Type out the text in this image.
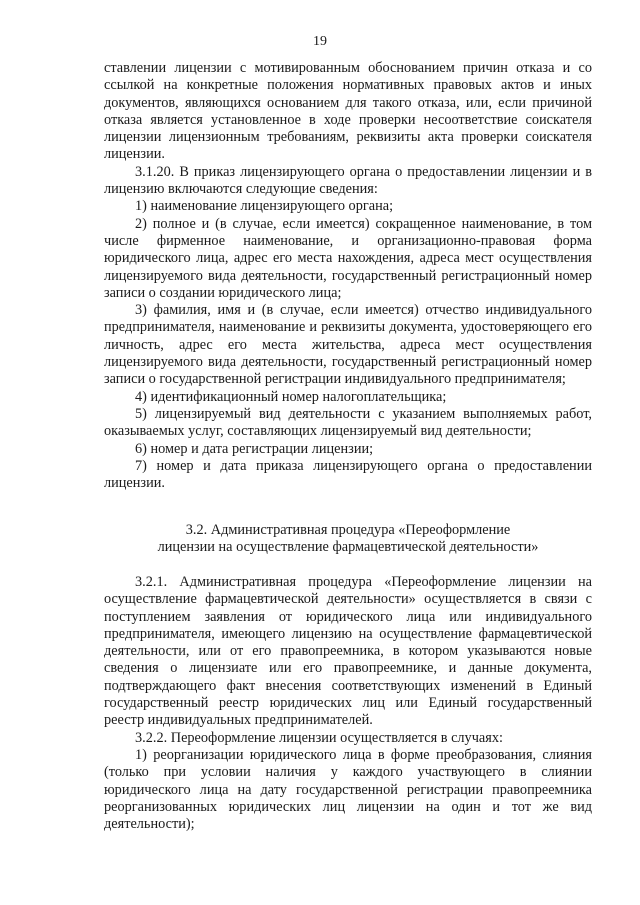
19

ставлении лицензии с мотивированным обоснованием причин отказа и со ссылкой на конкретные положения нормативных правовых актов и иных документов, являющихся основанием для такого отказа, или, если причиной отказа является установленное в ходе проверки несоответствие соискателя лицензии лицензионным требованиям, реквизиты акта проверки соискателя лицензии.

3.1.20. В приказ лицензирующего органа о предоставлении лицензии и в лицензию включаются следующие сведения:

1) наименование лицензирующего органа;

2) полное и (в случае, если имеется) сокращенное наименование, в том числе фирменное наименование, и организационно-правовая форма юридического лица, адрес его места нахождения, адреса мест осуществления лицензируемого вида деятельности, государственный регистрационный номер записи о создании юридического лица;

3) фамилия, имя и (в случае, если имеется) отчество индивидуального предпринимателя, наименование и реквизиты документа, удостоверяющего его личность, адрес его места жительства, адреса мест осуществления лицензируемого вида деятельности, государственный регистрационный номер записи о государственной регистрации индивидуального предпринимателя;

4) идентификационный номер налогоплательщика;

5) лицензируемый вид деятельности с указанием выполняемых работ, оказываемых услуг, составляющих лицензируемый вид деятельности;

6) номер и дата регистрации лицензии;

7) номер и дата приказа лицензирующего органа о предоставлении лицензии.

3.2. Административная процедура «Переоформление
лицензии на осуществление фармацевтической деятельности»

3.2.1. Административная процедура «Переоформление лицензии на осуществление фармацевтической деятельности» осуществляется в связи с поступлением заявления от юридического лица или индивидуального предпринимателя, имеющего лицензию на осуществление фармацевтической деятельности, или от его правопреемника, в котором указываются новые сведения о лицензиате или его правопреемнике, и данные документа, подтверждающего факт внесения соответствующих изменений в Единый государственный реестр юридических лиц или Единый государственный реестр индивидуальных предпринимателей.

3.2.2. Переоформление лицензии осуществляется в случаях:

1) реорганизации юридического лица в форме преобразования, слияния (только при условии наличия у каждого участвующего в слиянии юридического лица на дату государственной регистрации правопреемника реорганизованных юридических лиц лицензии на один и тот же вид деятельности);
